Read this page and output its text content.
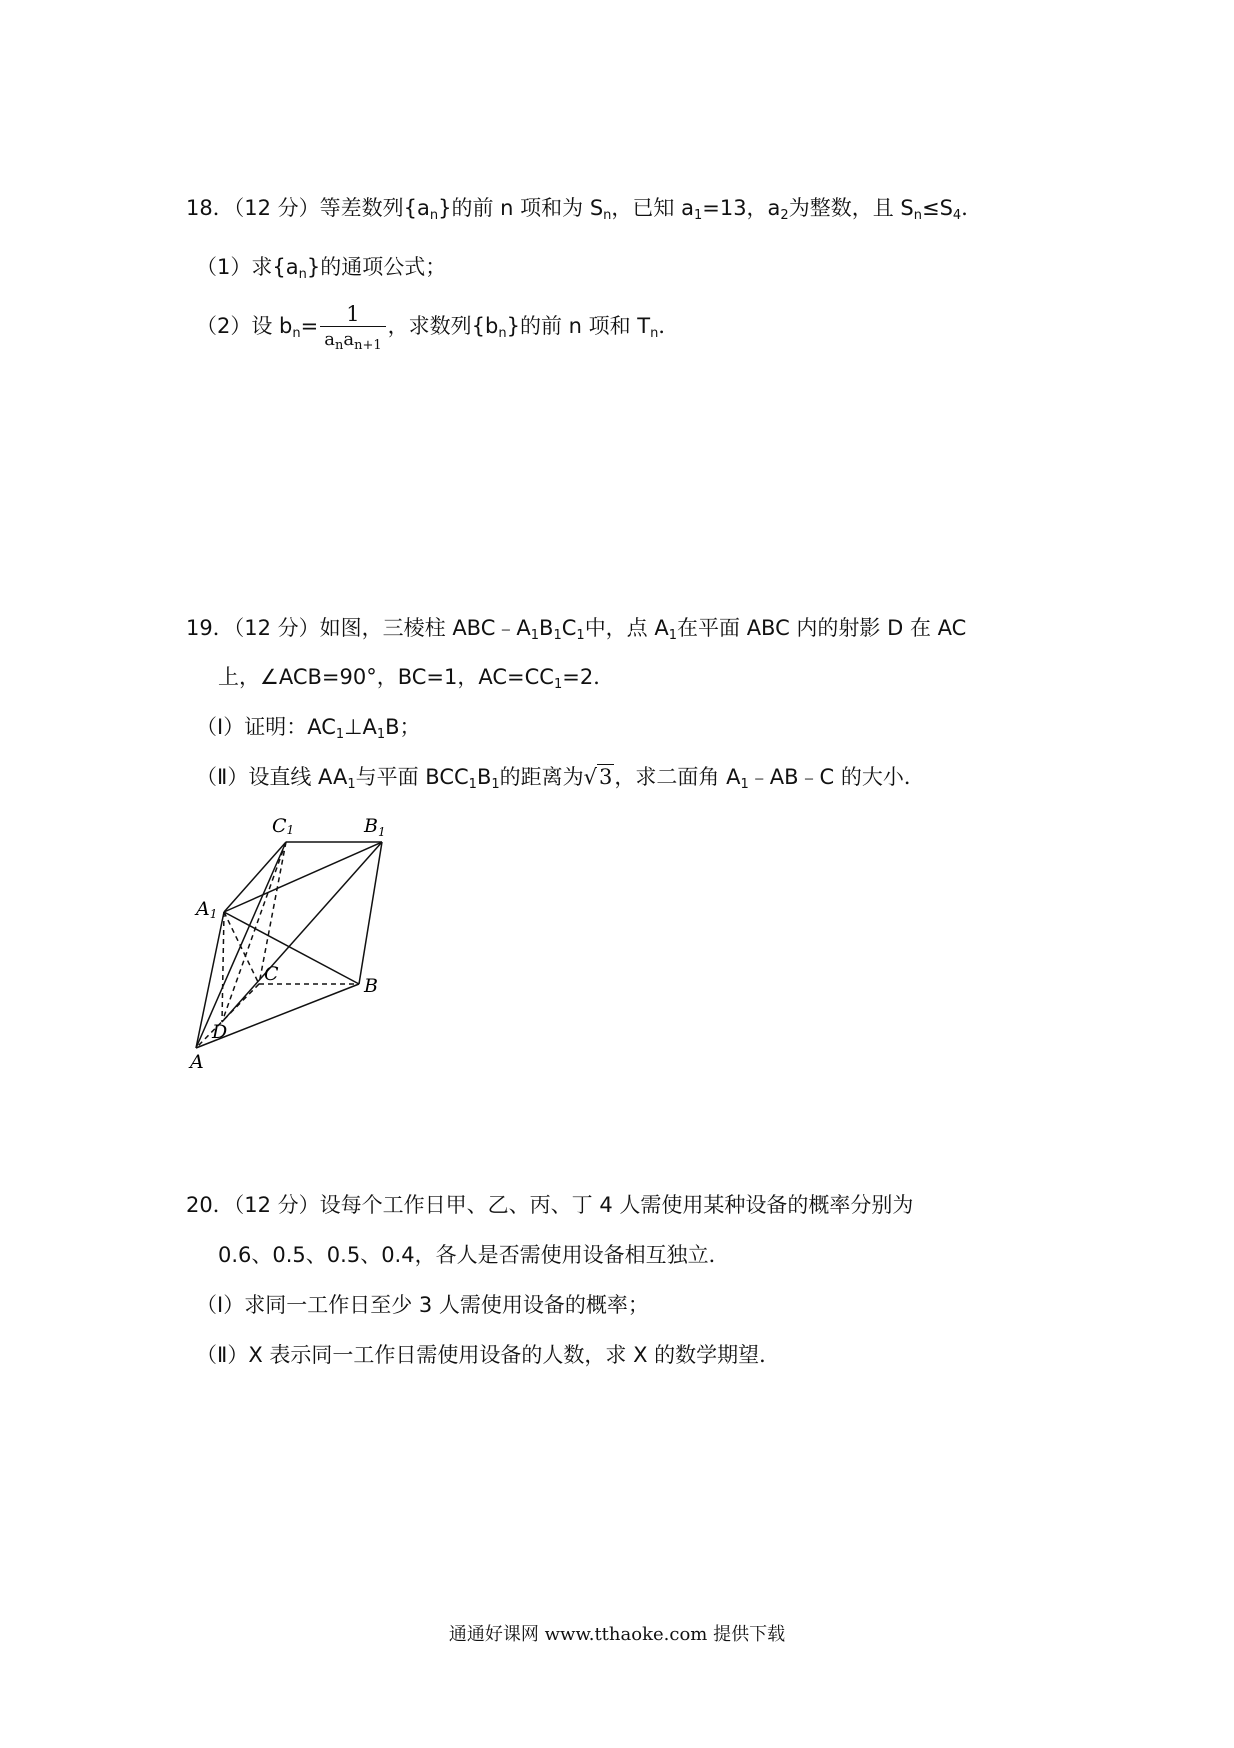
18．（12 分）等差数列$\{a_n\}$的前 n 项和为 $S_n$，已知 $a_1=13$，$a_2$为整数，且 $S_n\le S_4$．
（1）求$\{a_n\}$的通项公式；
（2）设 $b_n= \frac{1}{a_na_{n+1}}$ ，求数列$\{b_n\}$的前 n 项和 $T_n$．
19．（12 分）如图，三棱柱 $ABC﹣A_1B_1C_1$中，点 $A_1$在平面 ABC 内的射影 D 在 AC
上，∠ACB=90°，BC=1，$AC=CC_1=2$．
（Ⅰ）证明：$AC_1\perp A_1B$；
（Ⅱ）设直线 $AA_1$与平面 $BCC_1B_1$的距离为√3，求二面角 $A_1﹣AB﹣C$ 的大小．
C1	$B_1$
A1
C
B
D
A
20．（12 分）设每个工作日甲、乙、丙、丁 4 人需使用某种设备的概率分别为
0.6、0.5、0.5、0.4，各人是否需使用设备相互独立．
（Ⅰ）求同一工作日至少 3 人需使用设备的概率；
（Ⅱ）X 表示同一工作日需使用设备的人数，求 X 的数学期望．
通通好课网 www.tthaoke.com 提供下载
